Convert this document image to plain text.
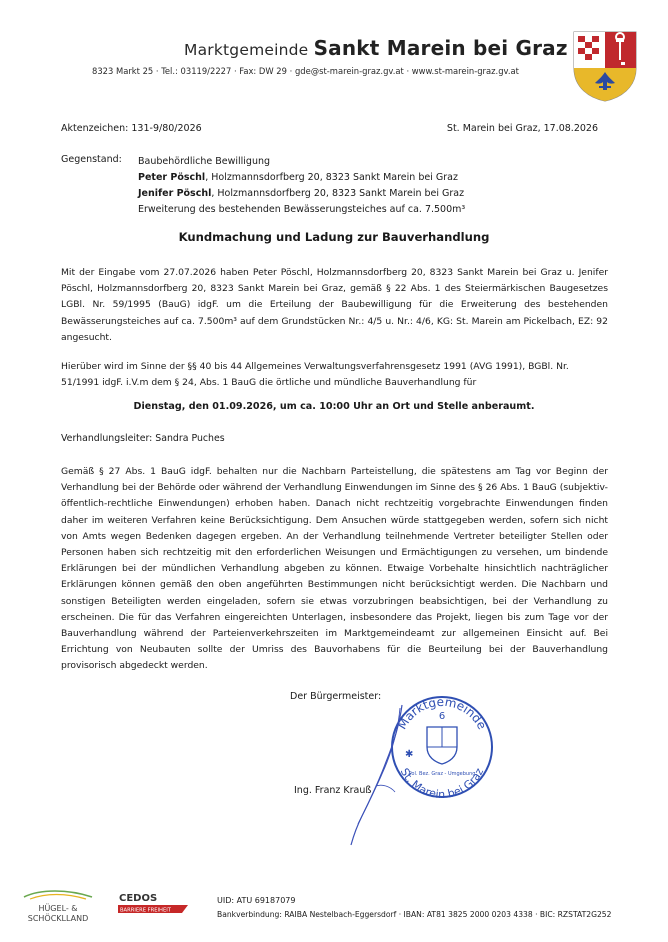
Marktgemeinde Sankt Marein bei Graz
8323 Markt 25 · Tel.: 03119/2227 · Fax: DW 29 · gde@st-marein-graz.gv.at · www.st-marein-graz.gv.at
Aktenzeichen: 131-9/80/2026	St. Marein bei Graz, 17.08.2026
Gegenstand: Baubehördliche Bewilligung
Peter Pöschl, Holzmannsdorfberg 20, 8323 Sankt Marein bei Graz
Jenifer Pöschl, Holzmannsdorfberg 20, 8323 Sankt Marein bei Graz
Erweiterung des bestehenden Bewässerungsteiches auf ca. 7.500m³
Kundmachung und Ladung zur Bauverhandlung
Mit der Eingabe vom 27.07.2026 haben Peter Pöschl, Holzmannsdorfberg 20, 8323 Sankt Marein bei Graz u. Jenifer Pöschl, Holzmannsdorfberg 20, 8323 Sankt Marein bei Graz, gemäß § 22 Abs. 1 des Steiermärkischen Baugesetzes LGBl. Nr. 59/1995 (BauG) idgF. um die Erteilung der Baubewilligung für die Erweiterung des bestehenden Bewässerungsteiches auf ca. 7.500m³ auf dem Grundstücken Nr.: 4/5 u. Nr.: 4/6, KG: St. Marein am Pickelbach, EZ: 92 angesucht.
Hierüber wird im Sinne der §§ 40 bis 44 Allgemeines Verwaltungsverfahrensgesetz 1991 (AVG 1991), BGBl. Nr. 51/1991 idgF. i.V.m dem § 24, Abs. 1 BauG die örtliche und mündliche Bauverhandlung für
Dienstag, den 01.09.2026, um ca. 10:00 Uhr an Ort und Stelle anberaumt.
Verhandlungsleiter: Sandra Puches
Gemäß § 27 Abs. 1 BauG idgF. behalten nur die Nachbarn Parteistellung, die spätestens am Tag vor Beginn der Verhandlung bei der Behörde oder während der Verhandlung Einwendungen im Sinne des § 26 Abs. 1 BauG (subjektiv-öffentlich-rechtliche Einwendungen) erhoben haben. Danach nicht rechtzeitig vorgebrachte Einwendungen finden daher im weiteren Verfahren keine Berücksichtigung. Dem Ansuchen würde stattgegeben werden, sofern sich nicht von Amts wegen Bedenken dagegen ergeben. An der Verhandlung teilnehmende Vertreter beteiligter Stellen oder Personen haben sich rechtzeitig mit den erforderlichen Weisungen und Ermächtigungen zu versehen, um bindende Erklärungen bei der mündlichen Verhandlung abgeben zu können. Etwaige Vorbehalte hinsichtlich nachträglicher Erklärungen können gemäß den oben angeführten Bestimmungen nicht berücksichtigt werden. Die Nachbarn und sonstigen Beteiligten werden eingeladen, sofern sie etwas vorzubringen beabsichtigen, bei der Verhandlung zu erscheinen. Die für das Verfahren eingereichten Unterlagen, insbesondere das Projekt, liegen bis zum Tage vor der Bauverhandlung während der Parteienverkehrszeiten im Marktgemeindeamt zur allgemeinen Einsicht auf. Bei Errichtung von Neubauten sollte der Umriss des Bauvorhabens für die Beurteilung bei der Bauverhandlung provisorisch abgedeckt werden.
Der Bürgermeister:
Marktgemeinde
6
St. Marein bei Graz
Pol. Bez. Graz - Umgebung
✱
Ing. Franz Krauß
HÜGEL- &
SCHÖCKLLAND
CEDOS
BARRIERE FREIHEIT
UID: ATU 69187079
Bankverbindung: RAIBA Nestelbach-Eggersdorf · IBAN: AT81 3825 2000 0203 4338 · BIC: RZSTAT2G252
